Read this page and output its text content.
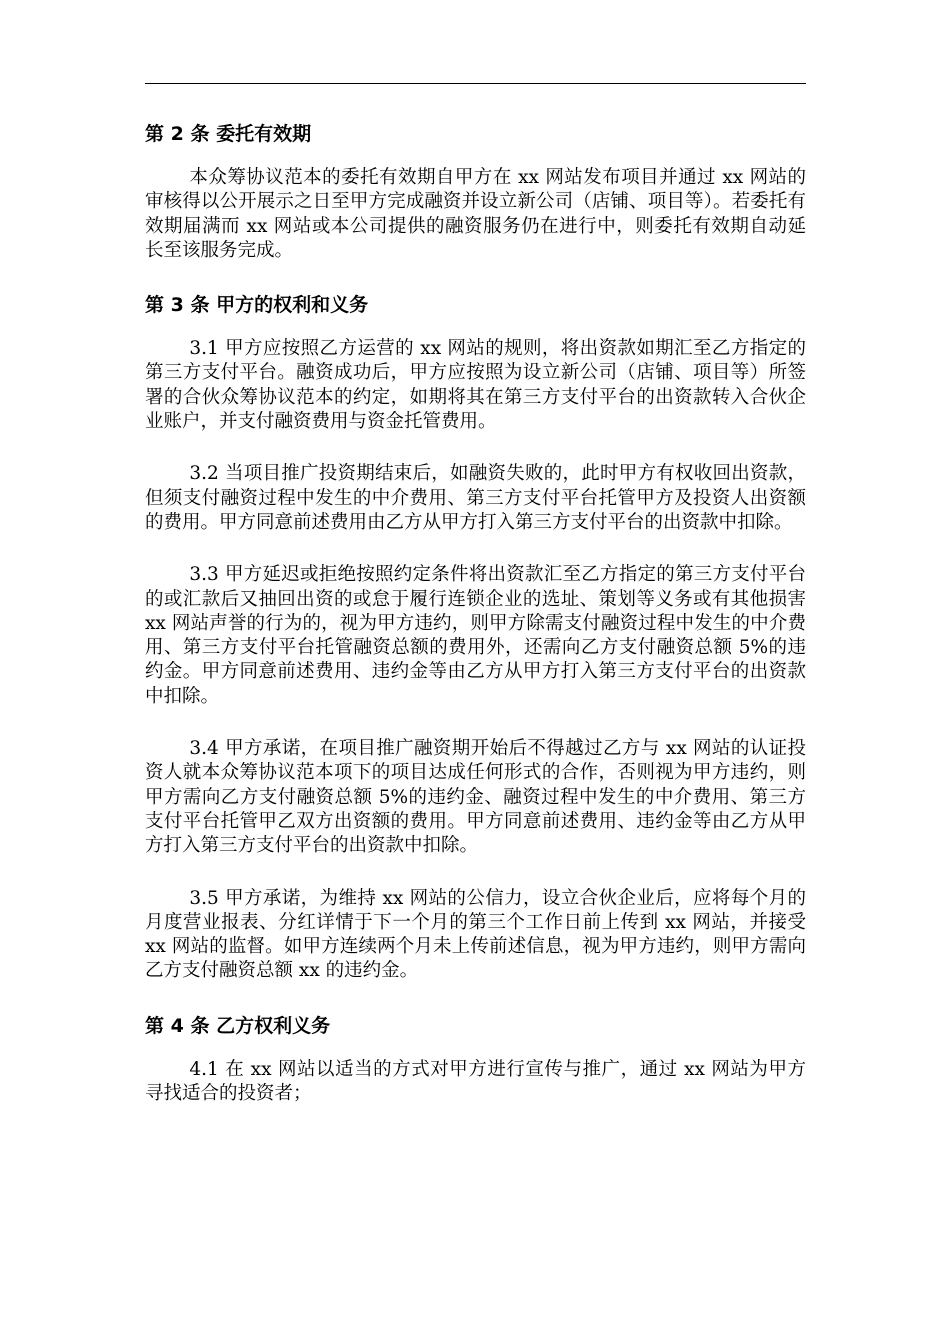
第 2 条 委托有效期
本众筹协议范本的委托有效期自甲方在 xx 网站发布项目并通过 xx 网站的审核得以公开展示之日至甲方完成融资并设立新公司（店铺、项目等）。若委托有效期届满而 xx 网站或本公司提供的融资服务仍在进行中，则委托有效期自动延长至该服务完成。
第 3 条 甲方的权利和义务
3.1 甲方应按照乙方运营的 xx 网站的规则，将出资款如期汇至乙方指定的第三方支付平台。融资成功后，甲方应按照为设立新公司（店铺、项目等）所签署的合伙众筹协议范本的约定，如期将其在第三方支付平台的出资款转入合伙企业账户，并支付融资费用与资金托管费用。
3.2 当项目推广投资期结束后，如融资失败的，此时甲方有权收回出资款，但须支付融资过程中发生的中介费用、第三方支付平台托管甲方及投资人出资额的费用。甲方同意前述费用由乙方从甲方打入第三方支付平台的出资款中扣除。
3.3 甲方延迟或拒绝按照约定条件将出资款汇至乙方指定的第三方支付平台的或汇款后又抽回出资的或怠于履行连锁企业的选址、策划等义务或有其他损害 xx 网站声誉的行为的，视为甲方违约，则甲方除需支付融资过程中发生的中介费用、第三方支付平台托管融资总额的费用外，还需向乙方支付融资总额 5%的违约金。甲方同意前述费用、违约金等由乙方从甲方打入第三方支付平台的出资款中扣除。
3.4 甲方承诺，在项目推广融资期开始后不得越过乙方与 xx 网站的认证投资人就本众筹协议范本项下的项目达成任何形式的合作，否则视为甲方违约，则甲方需向乙方支付融资总额 5%的违约金、融资过程中发生的中介费用、第三方支付平台托管甲乙双方出资额的费用。甲方同意前述费用、违约金等由乙方从甲方打入第三方支付平台的出资款中扣除。
3.5 甲方承诺，为维持 xx 网站的公信力，设立合伙企业后，应将每个月的月度营业报表、分红详情于下一个月的第三个工作日前上传到 xx 网站，并接受 xx 网站的监督。如甲方连续两个月未上传前述信息，视为甲方违约，则甲方需向乙方支付融资总额 xx 的违约金。
第 4 条 乙方权利义务
4.1 在 xx 网站以适当的方式对甲方进行宣传与推广，通过 xx 网站为甲方寻找适合的投资者；
